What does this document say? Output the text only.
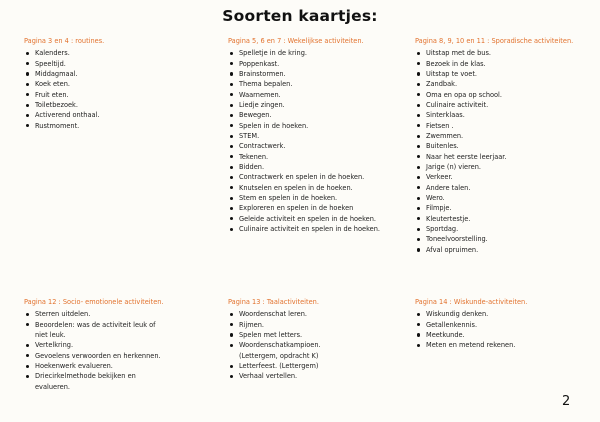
Soorten kaartjes:
Pagina 3 en 4 : routines.
Kalenders.
Speeltijd.
Middagmaal.
Koek eten.
Fruit eten.
Toiletbezoek.
Activerend onthaal.
Rustmoment.
Pagina 5, 6 en 7 : Wekelijkse activiteiten.
Spelletje in de kring.
Poppenkast.
Brainstormen.
Thema bepalen.
Waarnemen.
Liedje zingen.
Bewegen.
Spelen in de hoeken.
STEM.
Contractwerk.
Tekenen.
Bidden.
Contractwerk en spelen in de hoeken.
Knutselen en spelen in de hoeken.
Stem en spelen in de hoeken.
Exploreren en spelen in de hoeken
Geleide activiteit en spelen in de hoeken.
Culinaire activiteit en spelen in de hoeken.
Pagina 8, 9, 10 en 11 : Sporadische activiteiten.
Uitstap met de bus.
Bezoek in de klas.
Uitstap te voet.
Zandbak.
Oma en opa op school.
Culinaire activiteit.
Sinterklaas.
Fietsen .
Zwemmen.
Buitenles.
Naar het eerste leerjaar.
Jarige (n) vieren.
Verkeer.
Andere talen.
Wero.
Filmpje.
Kleutertestje.
Sportdag.
Toneelvoorstelling.
Afval opruimen.
Pagina 12 : Socio- emotionele activiteiten.
Sterren uitdelen.
Beoordelen: was de activiteit leuk of niet leuk.
Vertelkring.
Gevoelens verwoorden en herkennen.
Hoekenwerk evalueren.
Driecirkelmethode bekijken en evalueren.
Pagina 13 : Taalactiviteiten.
Woordenschat leren.
Rijmen.
Spelen met letters.
Woordenschatkampioen. (Lettergem, opdracht K)
Letterfeest. (Lettergem)
Verhaal vertellen.
Pagina 14 : Wiskunde-activiteiten.
Wiskundig denken.
Getallenkennis.
Meetkunde.
Meten en metend rekenen.
2
